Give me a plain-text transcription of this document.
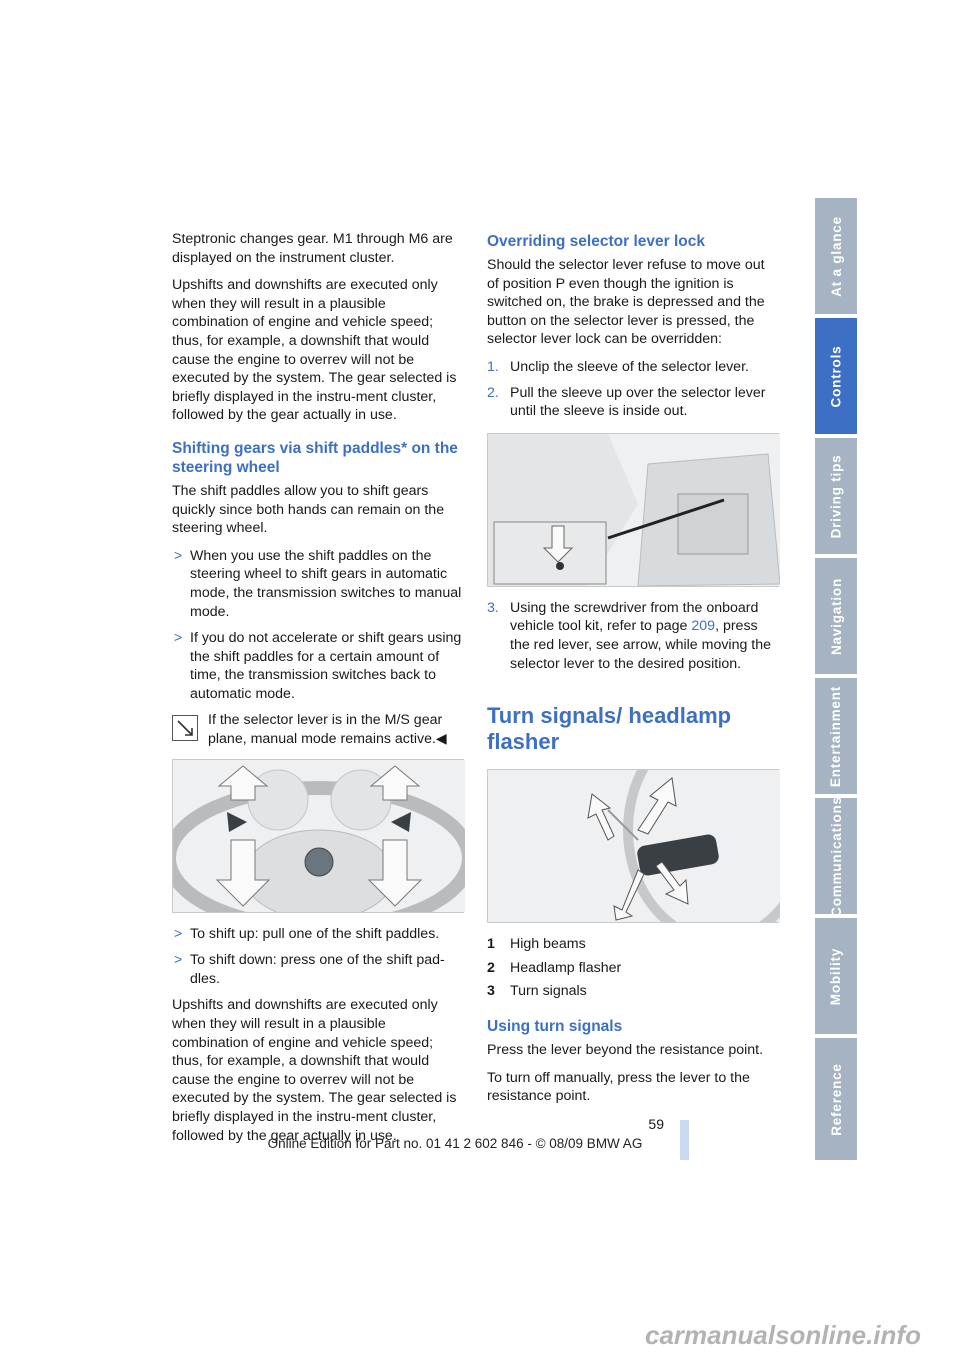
Steptronic changes gear. M1 through M6 are displayed on the instrument cluster.

Upshifts and downshifts are executed only when they will result in a plausible combination of engine and vehicle speed; thus, for example, a downshift that would cause the engine to overrev will not be executed by the system. The gear selected is briefly displayed in the instru-ment cluster, followed by the gear actually in use.

Shifting gears via shift paddles* on the steering wheel

The shift paddles allow you to shift gears quickly since both hands can remain on the steering wheel.

> When you use the shift paddles on the steering wheel to shift gears in automatic mode, the transmission switches to manual mode.
> If you do not accelerate or shift gears using the shift paddles for a certain amount of time, the transmission switches back to automatic mode.
If the selector lever is in the M/S gear plane, manual mode remains active.◀
> To shift up: pull one of the shift paddles.
> To shift down: press one of the shift pad-dles.

Upshifts and downshifts are executed only when they will result in a plausible combination of engine and vehicle speed; thus, for example, a downshift that would cause the engine to overrev will not be executed by the system. The gear selected is briefly displayed in the instru-ment cluster, followed by the gear actually in use.

Overriding selector lever lock

Should the selector lever refuse to move out of position P even though the ignition is switched on, the brake is depressed and the button on the selector lever is pressed, the selector lever lock can be overridden:

1. Unclip the sleeve of the selector lever.
2. Pull the sleeve up over the selector lever until the sleeve is inside out.
3. Using the screwdriver from the onboard vehicle tool kit, refer to page 209, press the red lever, see arrow, while moving the selector lever to the desired position.
Turn signals/ headlamp flasher
1	High beams
2	Headlamp flasher
3	Turn signals
Using turn signals

Press the lever beyond the resistance point.

To turn off manually, press the lever to the resistance point.

At a glance
Controls
Driving tips
Navigation
Entertainment
Communications
Mobility
Reference
59
Online Edition for Part no. 01 41 2 602 846 - © 08/09 BMW AG
carmanualsonline.info
